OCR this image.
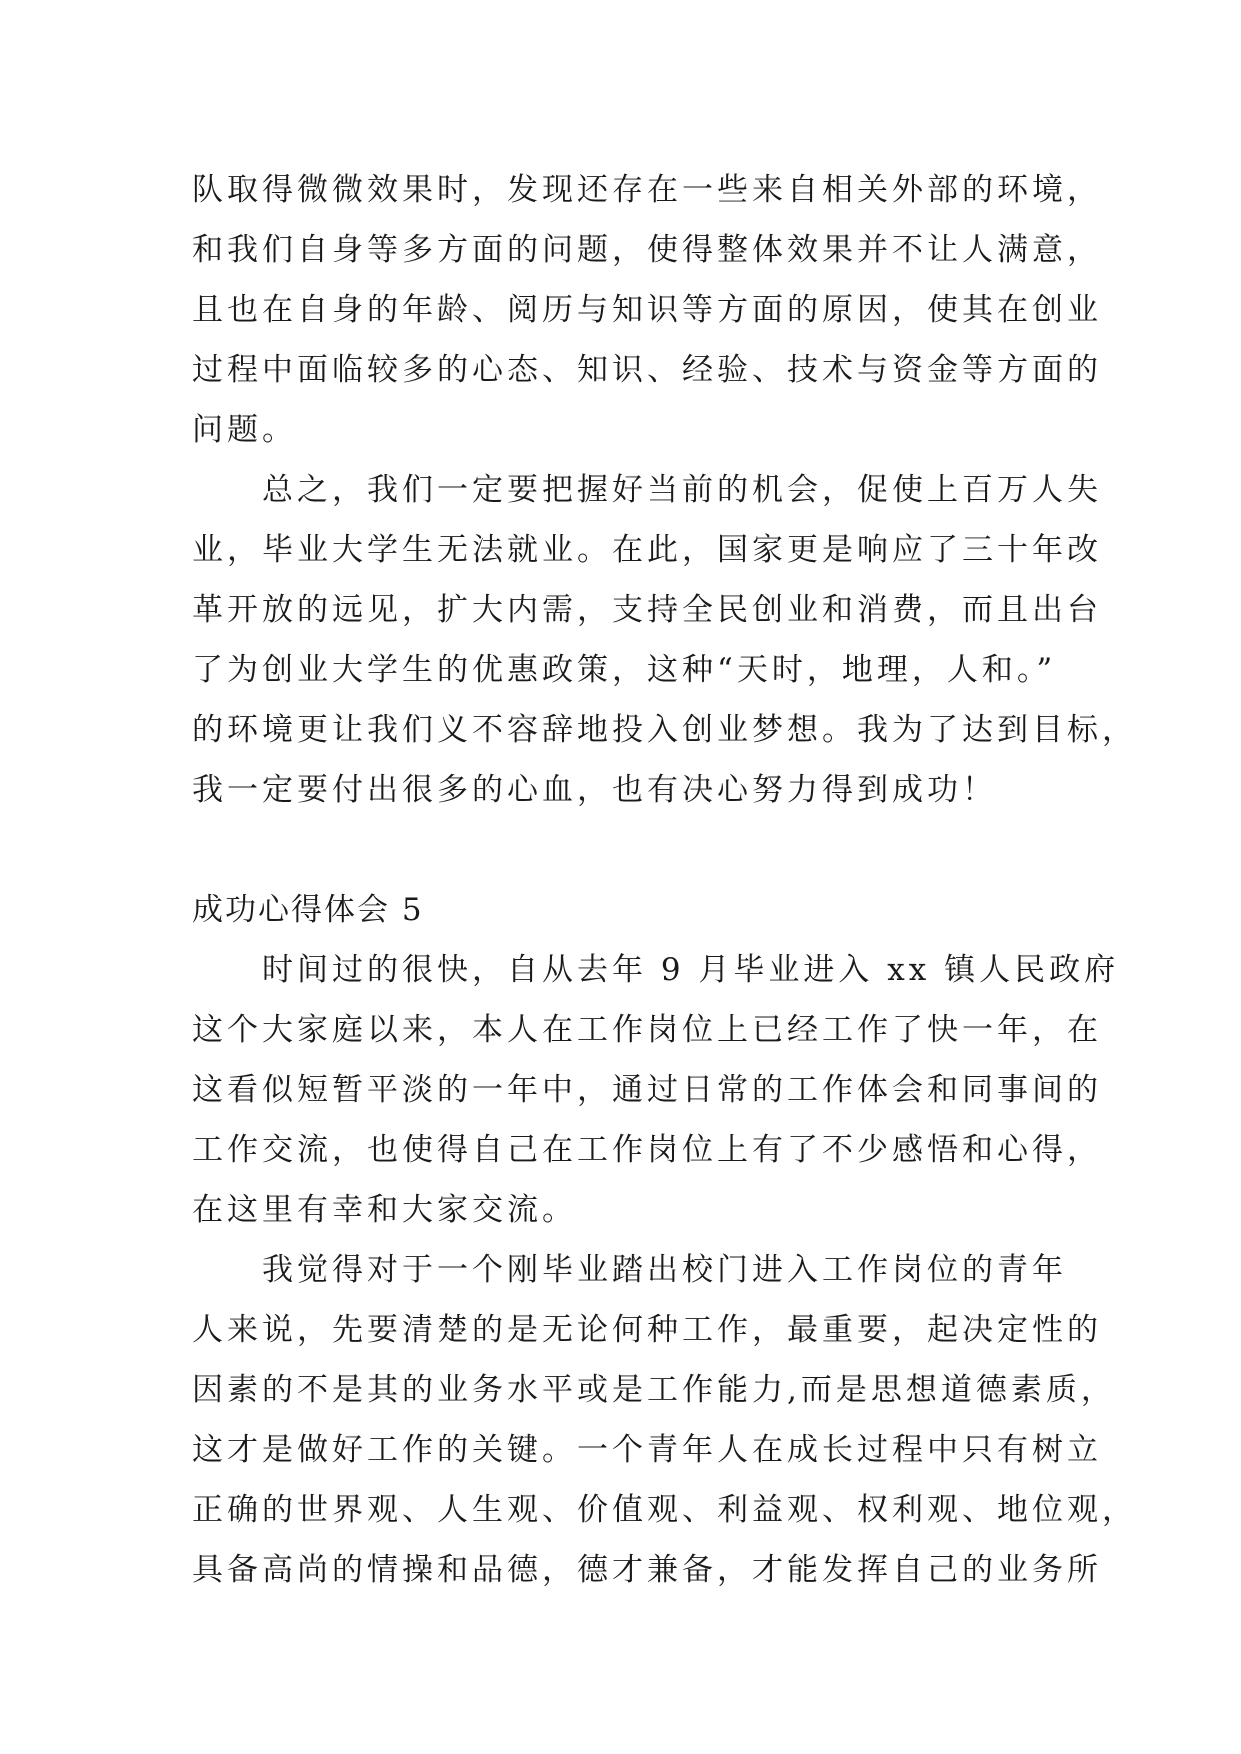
队取得微微效果时，发现还存在一些来自相关外部的环境，
和我们自身等多方面的问题，使得整体效果并不让人满意，
且也在自身的年龄、阅历与知识等方面的原因，使其在创业
过程中面临较多的心态、知识、经验、技术与资金等方面的
问题。
总之，我们一定要把握好当前的机会，促使上百万人失
业，毕业大学生无法就业。在此，国家更是响应了三十年改
革开放的远见，扩大内需，支持全民创业和消费，而且出台
了为创业大学生的优惠政策，这种“天时，地理，人和。”
的环境更让我们义不容辞地投入创业梦想。我为了达到目标，
我一定要付出很多的心血，也有决心努力得到成功！
成功心得体会 5
时间过的很快，自从去年 9 月毕业进入 xx 镇人民政府
这个大家庭以来，本人在工作岗位上已经工作了快一年，在
这看似短暂平淡的一年中，通过日常的工作体会和同事间的
工作交流，也使得自己在工作岗位上有了不少感悟和心得，
在这里有幸和大家交流。
我觉得对于一个刚毕业踏出校门进入工作岗位的青年
人来说，先要清楚的是无论何种工作，最重要，起决定性的
因素的不是其的业务水平或是工作能力,而是思想道德素质，
这才是做好工作的关键。一个青年人在成长过程中只有树立
正确的世界观、人生观、价值观、利益观、权利观、地位观，
具备高尚的情操和品德，德才兼备，才能发挥自己的业务所
